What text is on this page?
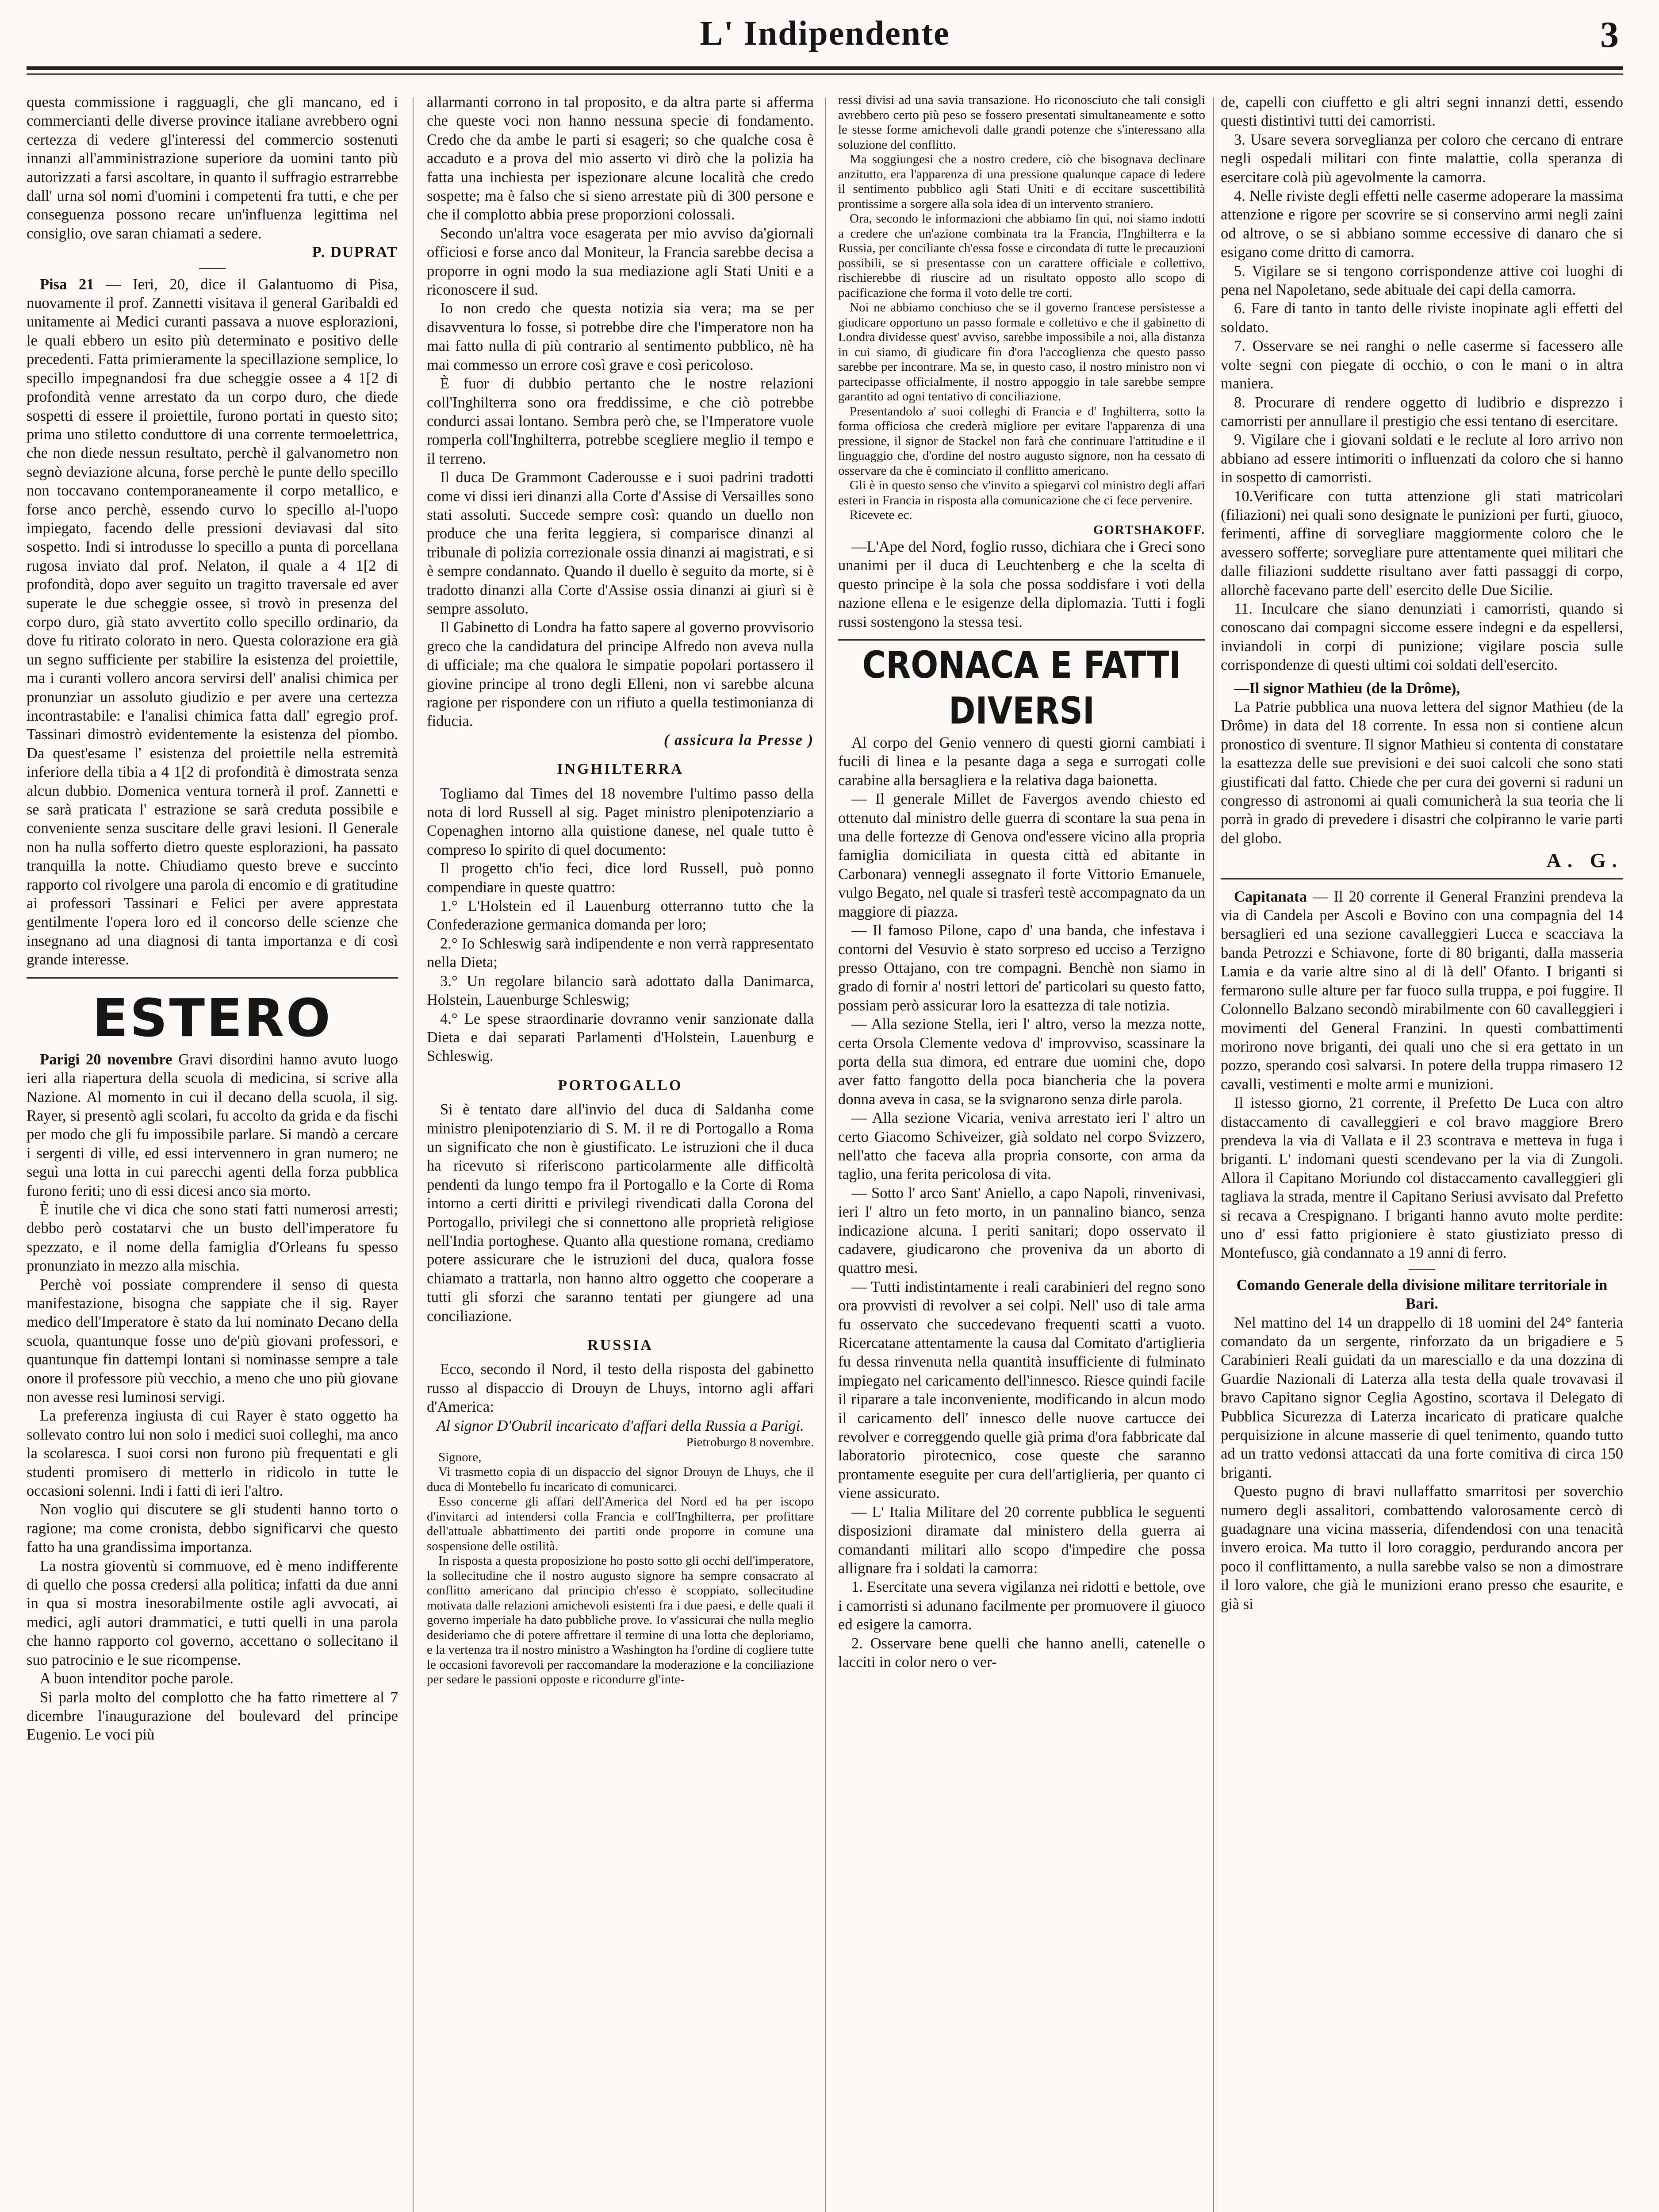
L' Indipendente	3

questa commissione i ragguagli, che gli mancano, ed i commercianti delle diverse province italiane avrebbero ogni certezza di vedere gl'interessi del commercio sostenuti innanzi all'amministrazione superiore da uomini tanto più autorizzati a farsi ascoltare, in quanto il suffragio estrarrebbe dall' urna sol nomi d'uomini i competenti fra tutti, e che per conseguenza possono recare un'influenza legittima nel consiglio, ove saran chiamati a sedere.

P. DUPRAT

Pisa 21 — Ieri, 20, dice il Galantuomo di Pisa, nuovamente il prof. Zannetti visitava il general Garibaldi ed unitamente ai Medici curanti passava a nuove esplorazioni, le quali ebbero un esito più determinato e positivo delle precedenti. Fatta primieramente la specillazione semplice, lo specillo impegnandosi fra due scheggie ossee a 4 1[2 di profondità venne arrestato da un corpo duro, che diede sospetti di essere il proiettile, furono portati in questo sito; prima uno stiletto conduttore di una corrente termoelettrica, che non diede nessun resultato, perchè il galvanometro non segnò deviazione alcuna, forse perchè le punte dello specillo non toccavano contemporaneamente il corpo metallico, e forse anco perchè, essendo curvo lo specillo al-l'uopo impiegato, facendo delle pressioni deviavasi dal sito sospetto. Indi si introdusse lo specillo a punta di porcellana rugosa inviato dal prof. Nelaton, il quale a 4 1[2 di profondità, dopo aver seguito un tragitto traversale ed aver superate le due scheggie ossee, si trovò in presenza del corpo duro, già stato avvertito collo specillo ordinario, da dove fu ritirato colorato in nero. Questa colorazione era già un segno sufficiente per stabilire la esistenza del proiettile, ma i curanti vollero ancora servirsi dell' analisi chimica per pronunziar un assoluto giudizio e per avere una certezza incontrastabile: e l'analisi chimica fatta dall' egregio prof. Tassinari dimostrò evidentemente la esistenza del piombo. Da quest'esame l' esistenza del proiettile nella estremità inferiore della tibia a 4 1[2 di profondità è dimostrata senza alcun dubbio. Domenica ventura tornerà il prof. Zannetti e se sarà praticata l' estrazione se sarà creduta possibile e conveniente senza suscitare delle gravi lesioni. Il Generale non ha nulla sofferto dietro queste esplorazioni, ha passato tranquilla la notte. Chiudiamo questo breve e succinto rapporto col rivolgere una parola di encomio e di gratitudine ai professori Tassinari e Felici per avere apprestata gentilmente l'opera loro ed il concorso delle scienze che insegnano ad una diagnosi di tanta importanza e di così grande interesse.

ESTERO

Parigi 20 novembre Gravi disordini hanno avuto luogo ieri alla riapertura della scuola di medicina, si scrive alla Nazione. Al momento in cui il decano della scuola, il sig. Rayer, si presentò agli scolari, fu accolto da grida e da fischi per modo che gli fu impossibile parlare. Si mandò a cercare i sergenti di ville, ed essi intervennero in gran numero; ne seguì una lotta in cui parecchi agenti della forza pubblica furono feriti; uno di essi dicesi anco sia morto.

È inutile che vi dica che sono stati fatti numerosi arresti; debbo però costatarvi che un busto dell'imperatore fu spezzato, e il nome della famiglia d'Orleans fu spesso pronunziato in mezzo alla mischia.

Perchè voi possiate comprendere il senso di questa manifestazione, bisogna che sappiate che il sig. Rayer medico dell'Imperatore è stato da lui nominato Decano della scuola, quantunque fosse uno de'più giovani professori, e quantunque fin dattempi lontani si nominasse sempre a tale onore il professore più vecchio, a meno che uno più giovane non avesse resi luminosi servigi.

La preferenza ingiusta di cui Rayer è stato oggetto ha sollevato contro lui non solo i medici suoi colleghi, ma anco la scolaresca. I suoi corsi non furono più frequentati e gli studenti promisero di metterlo in ridicolo in tutte le occasioni solenni. Indi i fatti di ieri l'altro.

Non voglio qui discutere se gli studenti hanno torto o ragione; ma come cronista, debbo significarvi che questo fatto ha una grandissima importanza.

La nostra gioventù si commuove, ed è meno indifferente di quello che possa credersi alla politica; infatti da due anni in qua si mostra inesorabilmente ostile agli avvocati, ai medici, agli autori drammatici, e tutti quelli in una parola che hanno rapporto col governo, accettano o sollecitano il suo patrocinio e le sue ricompense.

A buon intenditor poche parole.

Si parla molto del complotto che ha fatto rimettere al 7 dicembre l'inaugurazione del boulevard del principe Eugenio. Le voci più

allarmanti corrono in tal proposito, e da altra parte si afferma che queste voci non hanno nessuna specie di fondamento. Credo che da ambe le parti si esageri; so che qualche cosa è accaduto e a prova del mio asserto vi dirò che la polizia ha fatta una inchiesta per ispezionare alcune località che credo sospette; ma è falso che si sieno arrestate più di 300 persone e che il complotto abbia prese proporzioni colossali.

Secondo un'altra voce esagerata per mio avviso da'giornali officiosi e forse anco dal Moniteur, la Francia sarebbe decisa a proporre in ogni modo la sua mediazione agli Stati Uniti e a riconoscere il sud.

Io non credo che questa notizia sia vera; ma se per disavventura lo fosse, si potrebbe dire che l'imperatore non ha mai fatto nulla di più contrario al sentimento pubblico, nè ha mai commesso un errore così grave e così pericoloso.

È fuor di dubbio pertanto che le nostre relazioni coll'Inghilterra sono ora freddissime, e che ciò potrebbe condurci assai lontano. Sembra però che, se l'Imperatore vuole romperla coll'Inghilterra, potrebbe scegliere meglio il tempo e il terreno.

Il duca De Grammont Caderousse e i suoi padrini tradotti come vi dissi ieri dinanzi alla Corte d'Assise di Versailles sono stati assoluti. Succede sempre così: quando un duello non produce che una ferita leggiera, si comparisce dinanzi al tribunale di polizia correzionale ossia dinanzi ai magistrati, e si è sempre condannato. Quando il duello è seguito da morte, si è tradotto dinanzi alla Corte d'Assise ossia dinanzi ai giurì si è sempre assoluto.

Il Gabinetto di Londra ha fatto sapere al governo provvisorio greco che la candidatura del principe Alfredo non aveva nulla di ufficiale; ma che qualora le simpatie popolari portassero il giovine principe al trono degli Elleni, non vi sarebbe alcuna ragione per rispondere con un rifiuto a quella testimonianza di fiducia.

( assicura la Presse )
INGHILTERRA

Togliamo dal Times del 18 novembre l'ultimo passo della nota di lord Russell al sig. Paget ministro plenipotenziario a Copenaghen intorno alla quistione danese, nel quale tutto è compreso lo spirito di quel documento:

Il progetto ch'io feci, dice lord Russell, può ponno compendiare in queste quattro:

1.° L'Holstein ed il Lauenburg otterranno tutto che la Confederazione germanica domanda per loro;

2.° Io Schleswig sarà indipendente e non verrà rappresentato nella Dieta;

3.° Un regolare bilancio sarà adottato dalla Danimarca, Holstein, Lauenburge Schleswig;

4.° Le spese straordinarie dovranno venir sanzionate dalla Dieta e dai separati Parlamenti d'Holstein, Lauenburg e Schleswig.

PORTOGALLO

Si è tentato dare all'invio del duca di Saldanha come ministro plenipotenziario di S. M. il re di Portogallo a Roma un significato che non è giustificato. Le istruzioni che il duca ha ricevuto si riferiscono particolarmente alle difficoltà pendenti da lungo tempo fra il Portogallo e la Corte di Roma intorno a certi diritti e privilegi rivendicati dalla Corona del Portogallo, privilegi che si connettono alle proprietà religiose nell'India portoghese. Quanto alla questione romana, crediamo potere assicurare che le istruzioni del duca, qualora fosse chiamato a trattarla, non hanno altro oggetto che cooperare a tutti gli sforzi che saranno tentati per giungere ad una conciliazione.

RUSSIA

Ecco, secondo il Nord, il testo della risposta del gabinetto russo al dispaccio di Drouyn de Lhuys, intorno agli affari d'America:

Al signor D'Oubril incaricato d'affari della Russia a Parigi.

Pietroburgo 8 novembre.

Signore,

Vi trasmetto copia di un dispaccio del signor Drouyn de Lhuys, che il duca di Montebello fu incaricato di comunicarci.

Esso concerne gli affari dell'America del Nord ed ha per iscopo d'invitarci ad intendersi colla Francia e coll'Inghilterra, per profittare dell'attuale abbattimento dei partiti onde proporre in comune una sospensione delle ostilità.

In risposta a questa proposizione ho posto sotto gli occhi dell'imperatore, la sollecitudine che il nostro augusto signore ha sempre consacrato al conflitto americano dal principio ch'esso è scoppiato, sollecitudine motivata dalle relazioni amichevoli esistenti fra i due paesi, e delle quali il governo imperiale ha dato pubbliche prove. Io v'assicurai che nulla meglio desideriamo che di potere affrettare il termine di una lotta che deploriamo, e la vertenza tra il nostro ministro a Washington ha l'ordine di cogliere tutte le occasioni favorevoli per raccomandare la moderazione e la conciliazione per sedare le passioni opposte e ricondurre gl'inte-

ressi divisi ad una savia transazione. Ho riconosciuto che tali consigli avrebbero certo più peso se fossero presentati simultaneamente e sotto le stesse forme amichevoli dalle grandi potenze che s'interessano alla soluzione del conflitto.

Ma soggiungesi che a nostro credere, ciò che bisognava declinare anzitutto, era l'apparenza di una pressione qualunque capace di ledere il sentimento pubblico agli Stati Uniti e di eccitare suscettibilità prontissime a sorgere alla sola idea di un intervento straniero.

Ora, secondo le informazioni che abbiamo fin qui, noi siamo indotti a credere che un'azione combinata tra la Francia, l'Inghilterra e la Russia, per conciliante ch'essa fosse e circondata di tutte le precauzioni possibili, se si presentasse con un carattere officiale e collettivo, rischierebbe di riuscire ad un risultato opposto allo scopo di pacificazione che forma il voto delle tre corti.

Noi ne abbiamo conchiuso che se il governo francese persistesse a giudicare opportuno un passo formale e collettivo e che il gabinetto di Londra dividesse quest' avviso, sarebbe impossibile a noi, alla distanza in cui siamo, di giudicare fin d'ora l'accoglienza che questo passo sarebbe per incontrare. Ma se, in questo caso, il nostro ministro non vi partecipasse officialmente, il nostro appoggio in tale sarebbe sempre garantito ad ogni tentativo di conciliazione.

Presentandolo a' suoi colleghi di Francia e d' Inghilterra, sotto la forma officiosa che crederà migliore per evitare l'apparenza di una pressione, il signor de Stackel non farà che continuare l'attitudine e il linguaggio che, d'ordine del nostro augusto signore, non ha cessato di osservare da che è cominciato il conflitto americano.

Gli è in questo senso che v'invito a spiegarvi col ministro degli affari esteri in Francia in risposta alla comunicazione che ci fece pervenire.

Ricevete ec.

GORTSHAKOFF.

—L'Ape del Nord, foglio russo, dichiara che i Greci sono unanimi per il duca di Leuchtenberg e che la scelta di questo principe è la sola che possa soddisfare i voti della nazione ellena e le esigenze della diplomazia. Tutti i fogli russi sostengono la stessa tesi.

CRONACA E FATTI DIVERSI

Al corpo del Genio vennero di questi giorni cambiati i fucili di linea e la pesante daga a sega e surrogati colle carabine alla bersagliera e la relativa daga baionetta.

— Il generale Millet de Favergos avendo chiesto ed ottenuto dal ministro delle guerra di scontare la sua pena in una delle fortezze di Genova ond'essere vicino alla propria famiglia domiciliata in questa città ed abitante in Carbonara) vennegli assegnato il forte Vittorio Emanuele, vulgo Begato, nel quale si trasferì testè accompagnato da un maggiore di piazza.

— Il famoso Pilone, capo d' una banda, che infestava i contorni del Vesuvio è stato sorpreso ed ucciso a Terzigno presso Ottajano, con tre compagni. Benchè non siamo in grado di fornir a' nostri lettori de' particolari su questo fatto, possiam però assicurar loro la esattezza di tale notizia.

— Alla sezione Stella, ieri l' altro, verso la mezza notte, certa Orsola Clemente vedova d' improvviso, scassinare la porta della sua dimora, ed entrare due uomini che, dopo aver fatto fangotto della poca biancheria che la povera donna aveva in casa, se la svignarono senza dirle parola.

— Alla sezione Vicaria, veniva arrestato ieri l' altro un certo Giacomo Schiveizer, già soldato nel corpo Svizzero, nell'atto che faceva alla propria consorte, con arma da taglio, una ferita pericolosa di vita.

— Sotto l' arco Sant' Aniello, a capo Napoli, rinvenivasi, ieri l' altro un feto morto, in un pannalino bianco, senza indicazione alcuna. I periti sanitari; dopo osservato il cadavere, giudicarono che proveniva da un aborto di quattro mesi.

— Tutti indistintamente i reali carabinieri del regno sono ora provvisti di revolver a sei colpi. Nell' uso di tale arma fu osservato che succedevano frequenti scatti a vuoto. Ricercatane attentamente la causa dal Comitato d'artiglieria fu dessa rinvenuta nella quantità insufficiente di fulminato impiegato nel caricamento dell'innesco. Riesce quindi facile il riparare a tale inconveniente, modificando in alcun modo il caricamento dell' innesco delle nuove cartucce dei revolver e correggendo quelle già prima d'ora fabbricate dal laboratorio pirotecnico, cose queste che saranno prontamente eseguite per cura dell'artiglieria, per quanto ci viene assicurato.

— L' Italia Militare del 20 corrente pubblica le seguenti disposizioni diramate dal ministero della guerra ai comandanti militari allo scopo d'impedire che possa allignare fra i soldati la camorra:

1. Esercitate una severa vigilanza nei ridotti e bettole, ove i camorristi si adunano facilmente per promuovere il giuoco ed esigere la camorra.

2. Osservare bene quelli che hanno anelli, catenelle o lacciti in color nero o ver-

de, capelli con ciuffetto e gli altri segni innanzi detti, essendo questi distintivi tutti dei camorristi.

3. Usare severa sorveglianza per coloro che cercano di entrare negli ospedali militari con finte malattie, colla speranza di esercitare colà più agevolmente la camorra.

4. Nelle riviste degli effetti nelle caserme adoperare la massima attenzione e rigore per scovrire se si conservino armi negli zaini od altrove, o se si abbiano somme eccessive di danaro che si esigano come dritto di camorra.

5. Vigilare se si tengono corrispondenze attive coi luoghi di pena nel Napoletano, sede abituale dei capi della camorra.

6. Fare di tanto in tanto delle riviste inopinate agli effetti del soldato.

7. Osservare se nei ranghi o nelle caserme si facessero alle volte segni con piegate di occhio, o con le mani o in altra maniera.

8. Procurare di rendere oggetto di ludibrio e disprezzo i camorristi per annullare il prestigio che essi tentano di esercitare.

9. Vigilare che i giovani soldati e le reclute al loro arrivo non abbiano ad essere intimoriti o influenzati da coloro che si hanno in sospetto di camorristi.

10.Verificare con tutta attenzione gli stati matricolari (filiazioni) nei quali sono designate le punizioni per furti, giuoco, ferimenti, affine di sorvegliare maggiormente coloro che le avessero sofferte; sorvegliare pure attentamente quei militari che dalle filiazioni suddette risultano aver fatti passaggi di corpo, allorchè facevano parte dell' esercito delle Due Sicilie.

11. Inculcare che siano denunziati i camorristi, quando si conoscano dai compagni siccome essere indegni e da espellersi, inviandoli in corpi di punizione; vigilare poscia sulle corrispondenze di questi ultimi coi soldati dell'esercito.

—Il signor Mathieu (de la Drôme),

La Patrie pubblica una nuova lettera del signor Mathieu (de la Drôme) in data del 18 corrente. In essa non si contiene alcun pronostico di sventure. Il signor Mathieu si contenta di constatare la esattezza delle sue previsioni e dei suoi calcoli che sono stati giustificati dal fatto. Chiede che per cura dei governi si raduni un congresso di astronomi ai quali comunicherà la sua teoria che li porrà in grado di prevedere i disastri che colpiranno le varie parti del globo.

A. G.

Capitanata — Il 20 corrente il General Franzini prendeva la via di Candela per Ascoli e Bovino con una compagnia del 14 bersaglieri ed una sezione cavalleggieri Lucca e scacciava la banda Petrozzi e Schiavone, forte di 80 briganti, dalla masseria Lamia e da varie altre sino al di là dell' Ofanto. I briganti si fermarono sulle alture per far fuoco sulla truppa, e poi fuggire. Il Colonnello Balzano secondò mirabilmente con 60 cavalleggieri i movimenti del General Franzini. In questi combattimenti morirono nove briganti, dei quali uno che si era gettato in un pozzo, sperando così salvarsi. In potere della truppa rimasero 12 cavalli, vestimenti e molte armi e munizioni.

Il istesso giorno, 21 corrente, il Prefetto De Luca con altro distaccamento di cavalleggieri e col bravo maggiore Brero prendeva la via di Vallata e il 23 scontrava e metteva in fuga i briganti. L' indomani questi scendevano per la via di Zungoli. Allora il Capitano Moriundo col distaccamento cavalleggieri gli tagliava la strada, mentre il Capitano Seriusi avvisato dal Prefetto si recava a Crespignano. I briganti hanno avuto molte perdite: uno d' essi fatto prigioniere è stato giustiziato presso di Montefusco, già condannato a 19 anni di ferro.

Comando Generale della divisione militare territoriale in Bari.

Nel mattino del 14 un drappello di 18 uomini del 24° fanteria comandato da un sergente, rinforzato da un brigadiere e 5 Carabinieri Reali guidati da un maresciallo e da una dozzina di Guardie Nazionali di Laterza alla testa della quale trovavasi il bravo Capitano signor Ceglia Agostino, scortava il Delegato di Pubblica Sicurezza di Laterza incaricato di praticare qualche perquisizione in alcune masserie di quel tenimento, quando tutto ad un tratto vedonsi attaccati da una forte comitiva di circa 150 briganti.

Questo pugno di bravi nullaffatto smarritosi per soverchio numero degli assalitori, combattendo valorosamente cercò di guadagnare una vicina masseria, difendendosi con una tenacità invero eroica. Ma tutto il loro coraggio, perdurando ancora per poco il conflittamento, a nulla sarebbe valso se non a dimostrare il loro valore, che già le munizioni erano presso che esaurite, e già si
